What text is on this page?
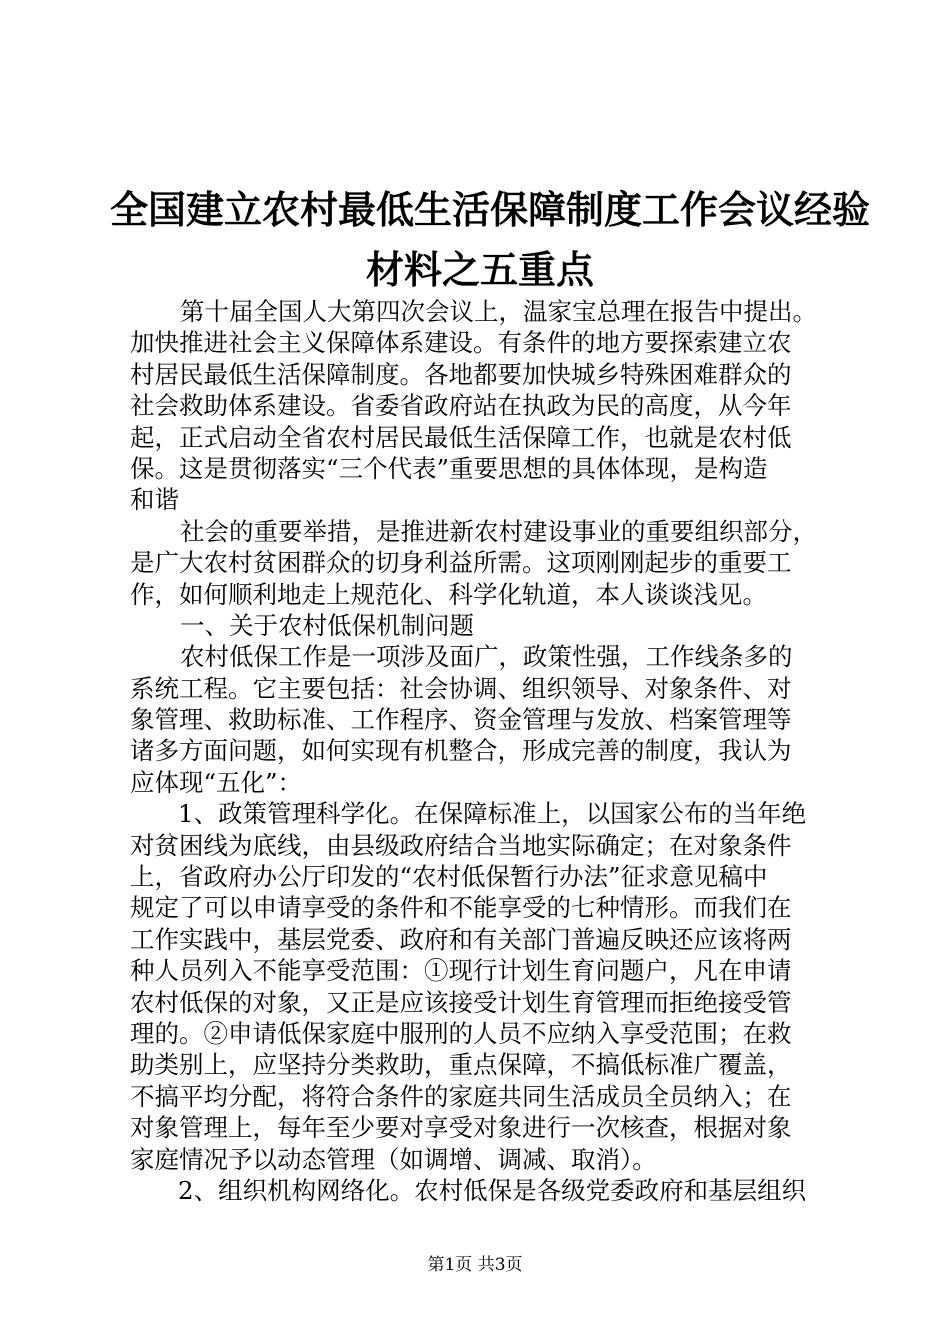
全国建立农村最低生活保障制度工作会议经验
材料之五重点
第十届全国人大第四次会议上，温家宝总理在报告中提出。
加快推进社会主义保障体系建设。有条件的地方要探索建立农
村居民最低生活保障制度。各地都要加快城乡特殊困难群众的
社会救助体系建设。省委省政府站在执政为民的高度，从今年
起，正式启动全省农村居民最低生活保障工作，也就是农村低
保。这是贯彻落实“三个代表”重要思想的具体体现，是构造
和谐
社会的重要举措，是推进新农村建设事业的重要组织部分，
是广大农村贫困群众的切身利益所需。这项刚刚起步的重要工
作，如何顺利地走上规范化、科学化轨道，本人谈谈浅见。
一、关于农村低保机制问题
农村低保工作是一项涉及面广，政策性强，工作线条多的
系统工程。它主要包括：社会协调、组织领导、对象条件、对
象管理、救助标准、工作程序、资金管理与发放、档案管理等
诸多方面问题，如何实现有机整合，形成完善的制度，我认为
应体现“五化”：
1、政策管理科学化。在保障标准上，以国家公布的当年绝
对贫困线为底线，由县级政府结合当地实际确定；在对象条件
上，省政府办公厅印发的“农村低保暂行办法”征求意见稿中
规定了可以申请享受的条件和不能享受的七种情形。而我们在
工作实践中，基层党委、政府和有关部门普遍反映还应该将两
种人员列入不能享受范围：①现行计划生育问题户，凡在申请
农村低保的对象，又正是应该接受计划生育管理而拒绝接受管
理的。②申请低保家庭中服刑的人员不应纳入享受范围；在救
助类别上，应坚持分类救助，重点保障，不搞低标准广覆盖，
不搞平均分配，将符合条件的家庭共同生活成员全员纳入；在
对象管理上，每年至少要对享受对象进行一次核查，根据对象
家庭情况予以动态管理（如调增、调减、取消）。
2、组织机构网络化。农村低保是各级党委政府和基层组织
第1页 共3页
